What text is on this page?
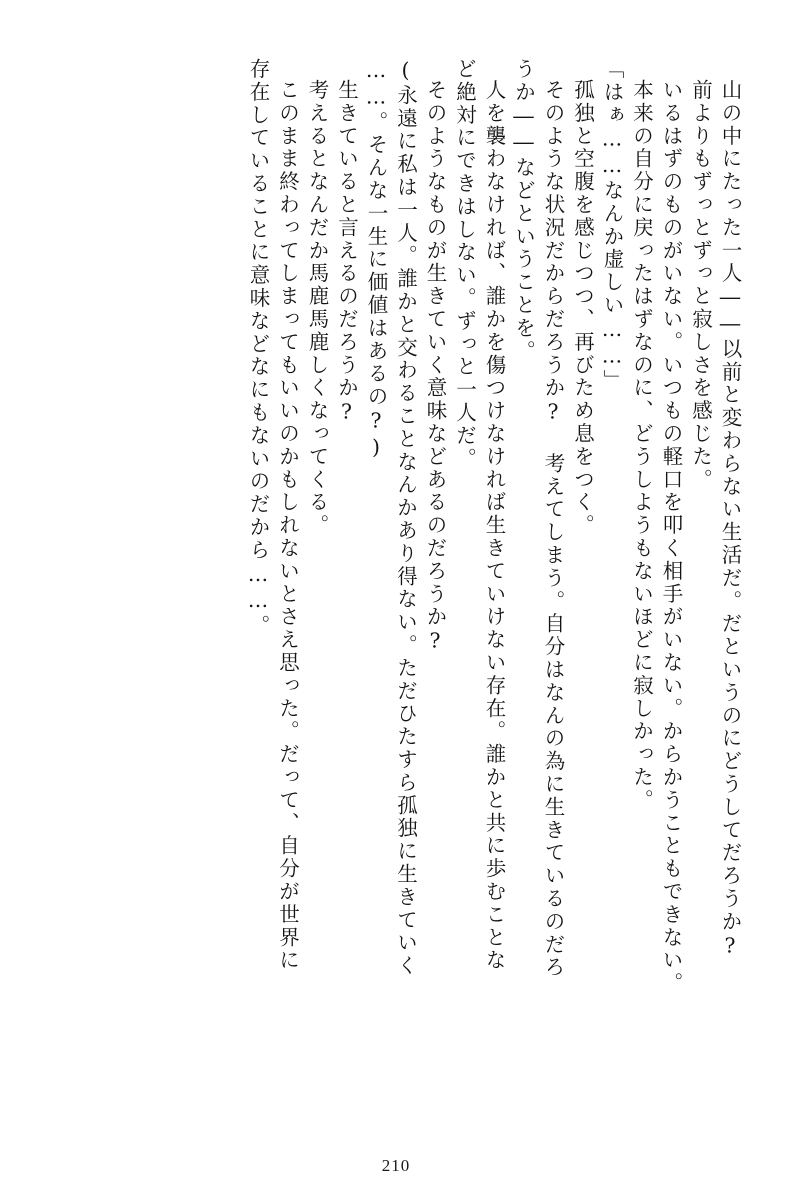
山の中にたった一人――以前と変わらない生活だ。だというのにどうしてだろうか?
前よりもずっとずっと寂しさを感じた。
いるはずのものがいない。いつもの軽口を叩く相手がいない。からかうこともできない。
本来の自分に戻ったはずなのに、どうしようもないほどに寂しかった。
「はぁ……なんか虚しい……」
孤独と空腹を感じつつ、再びため息をつく。
そのような状況だからだろうか? 考えてしまう。自分はなんの為に生きているのだろ
うか――などということを。
人を襲わなければ、誰かを傷つけなければ生きていけない存在。誰かと共に歩むことな
ど絶対にできはしない。ずっと一人だ。
そのようなものが生きていく意味などあるのだろうか?
(永遠に私は一人。誰かと交わることなんかあり得ない。ただひたすら孤独に生きていく
……。そんな一生に価値はあるの?)
生きていると言えるのだろうか?
考えるとなんだか馬鹿馬鹿しくなってくる。
このまま終わってしまってもいいのかもしれないとさえ思った。だって、自分が世界に
存在していることに意味などなにもないのだから……。
210
